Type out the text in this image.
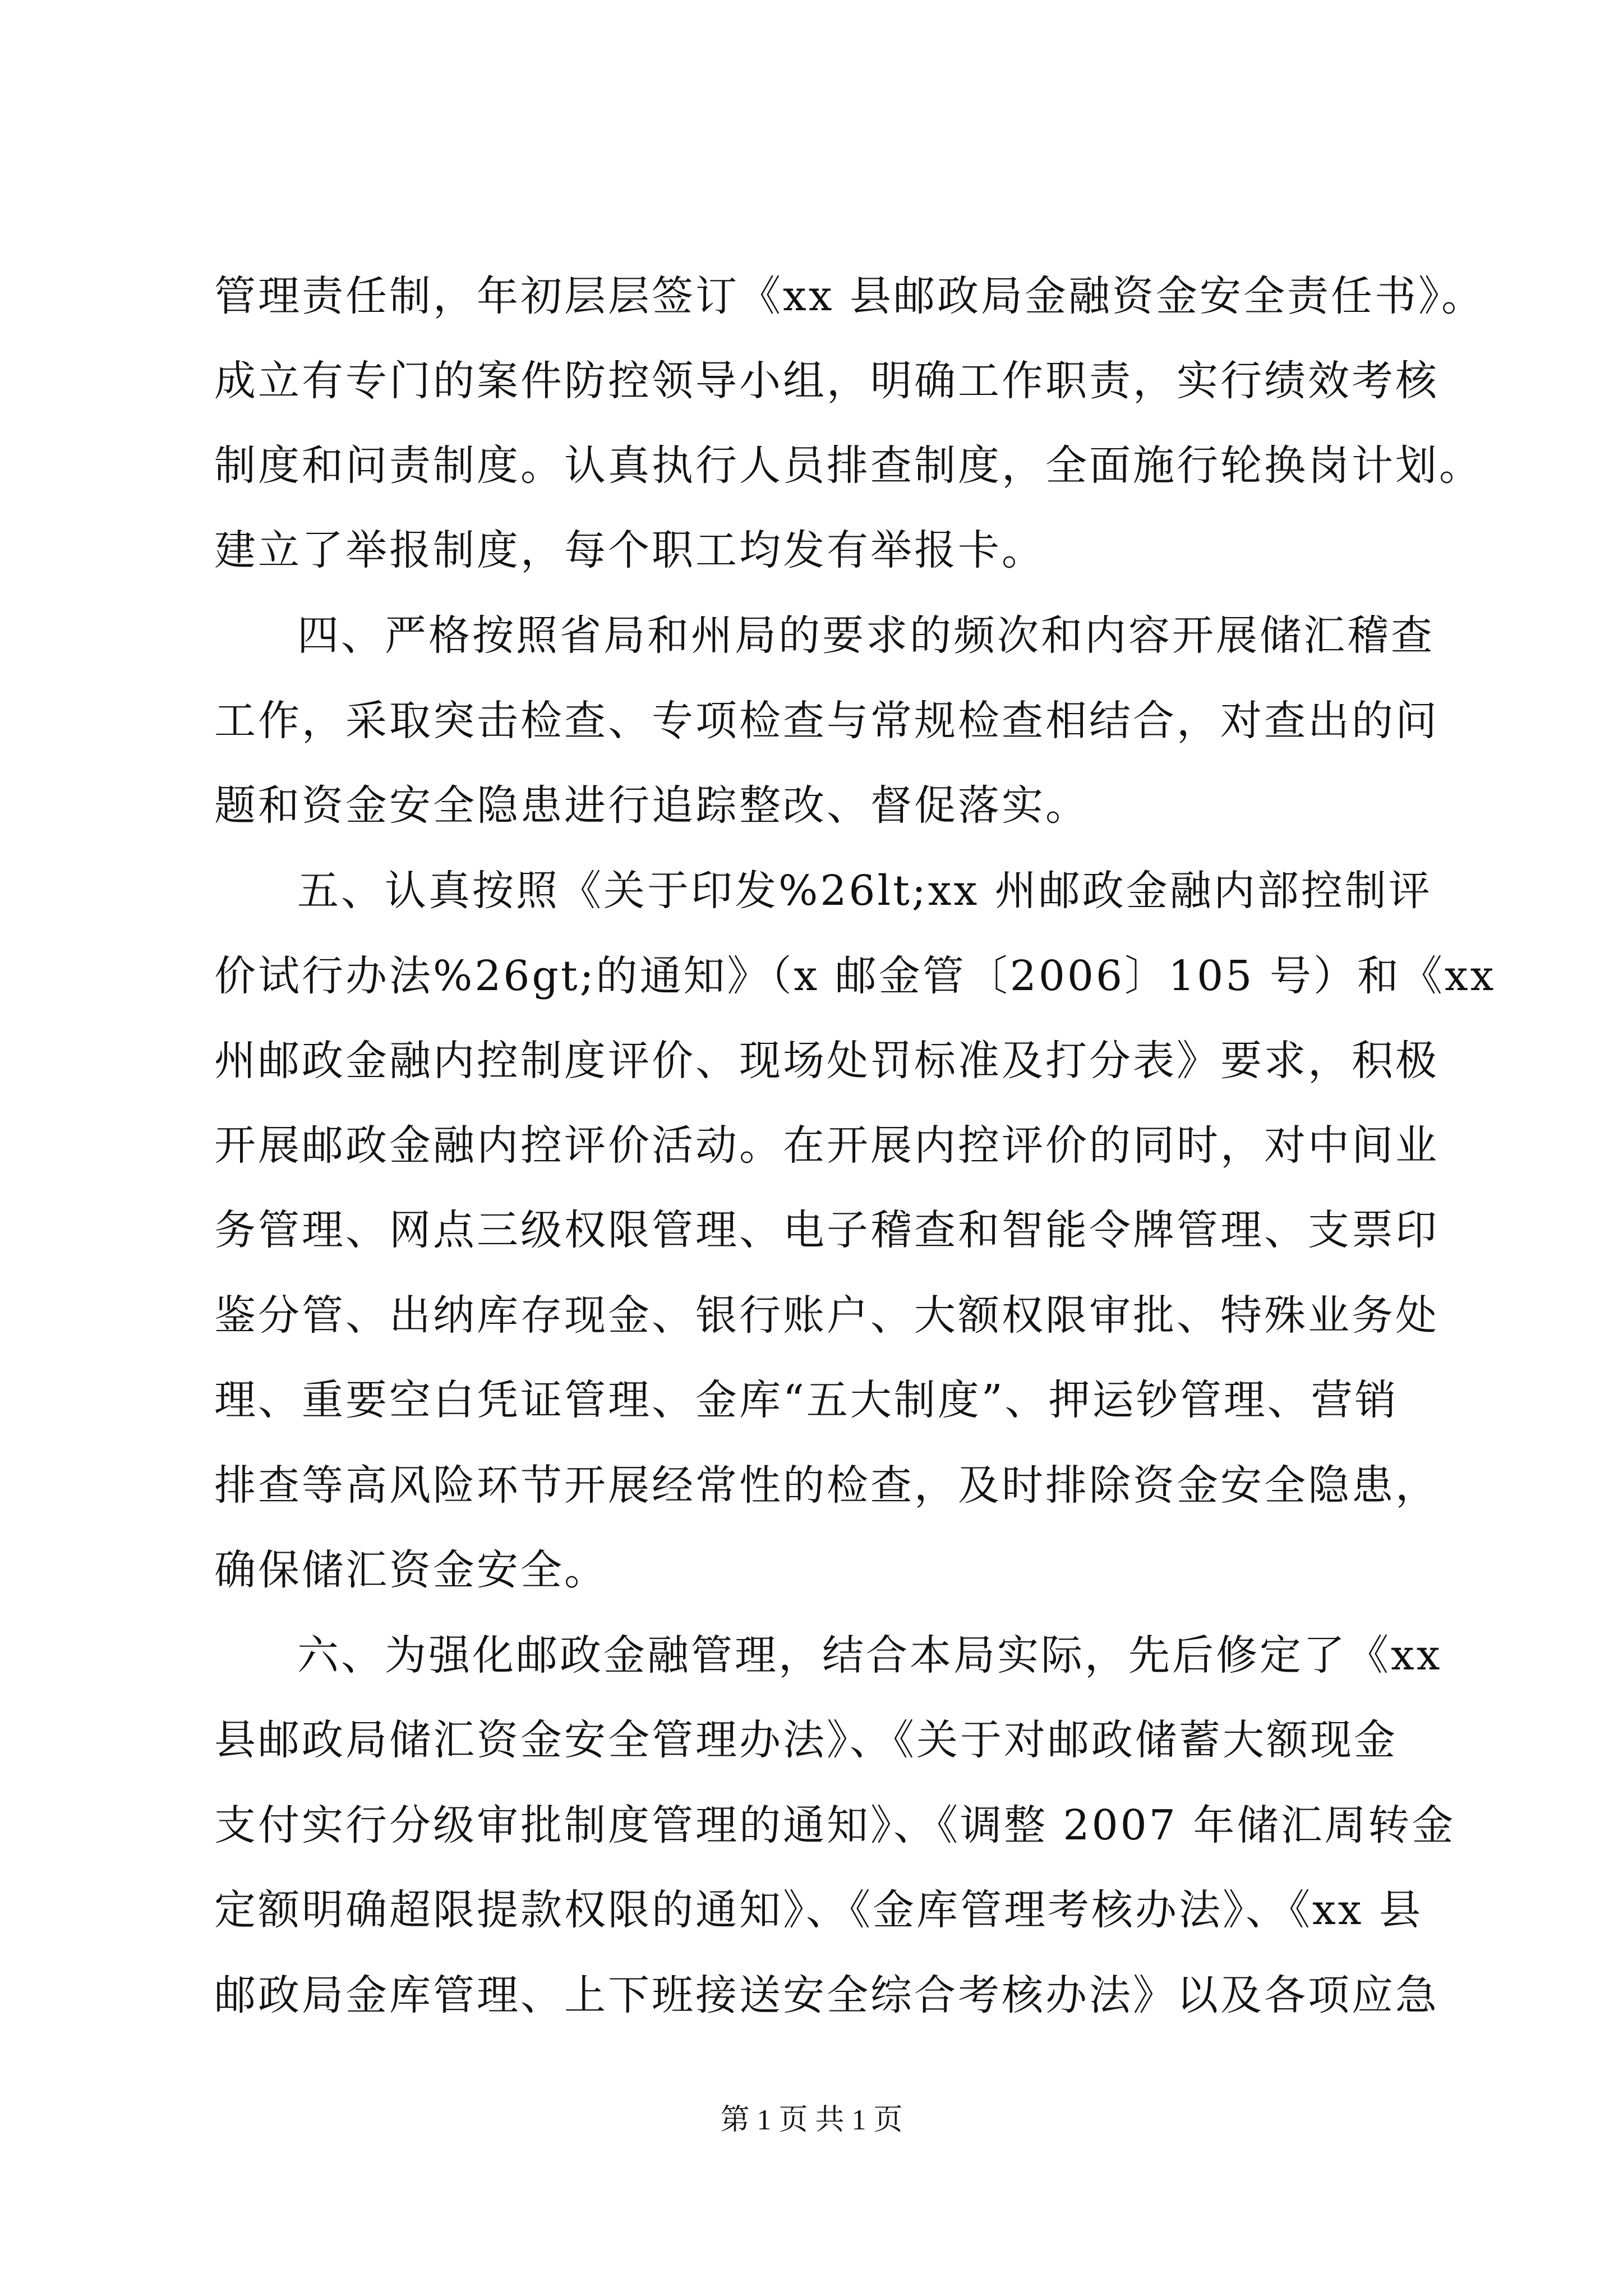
管理责任制，年初层层签订《xx 县邮政局金融资金安全责任书》。
成立有专门的案件防控领导小组，明确工作职责，实行绩效考核
制度和问责制度。认真执行人员排查制度，全面施行轮换岗计划。
建立了举报制度，每个职工均发有举报卡。
四、严格按照省局和州局的要求的频次和内容开展储汇稽查
工作，采取突击检查、专项检查与常规检查相结合，对查出的问
题和资金安全隐患进行追踪整改、督促落实。
五、认真按照《关于印发%26lt;xx 州邮政金融内部控制评
价试行办法%26gt;的通知》（x 邮金管〔2006〕105 号）和《xx
州邮政金融内控制度评价、现场处罚标准及打分表》要求，积极
开展邮政金融内控评价活动。在开展内控评价的同时，对中间业
务管理、网点三级权限管理、电子稽查和智能令牌管理、支票印
鉴分管、出纳库存现金、银行账户、大额权限审批、特殊业务处
理、重要空白凭证管理、金库“五大制度”、押运钞管理、营销
排查等高风险环节开展经常性的检查，及时排除资金安全隐患，
确保储汇资金安全。
六、为强化邮政金融管理，结合本局实际，先后修定了《xx
县邮政局储汇资金安全管理办法》、《关于对邮政储蓄大额现金
支付实行分级审批制度管理的通知》、《调整 2007 年储汇周转金
定额明确超限提款权限的通知》、《金库管理考核办法》、《xx 县
邮政局金库管理、上下班接送安全综合考核办法》以及各项应急
第 1 页 共 1 页
